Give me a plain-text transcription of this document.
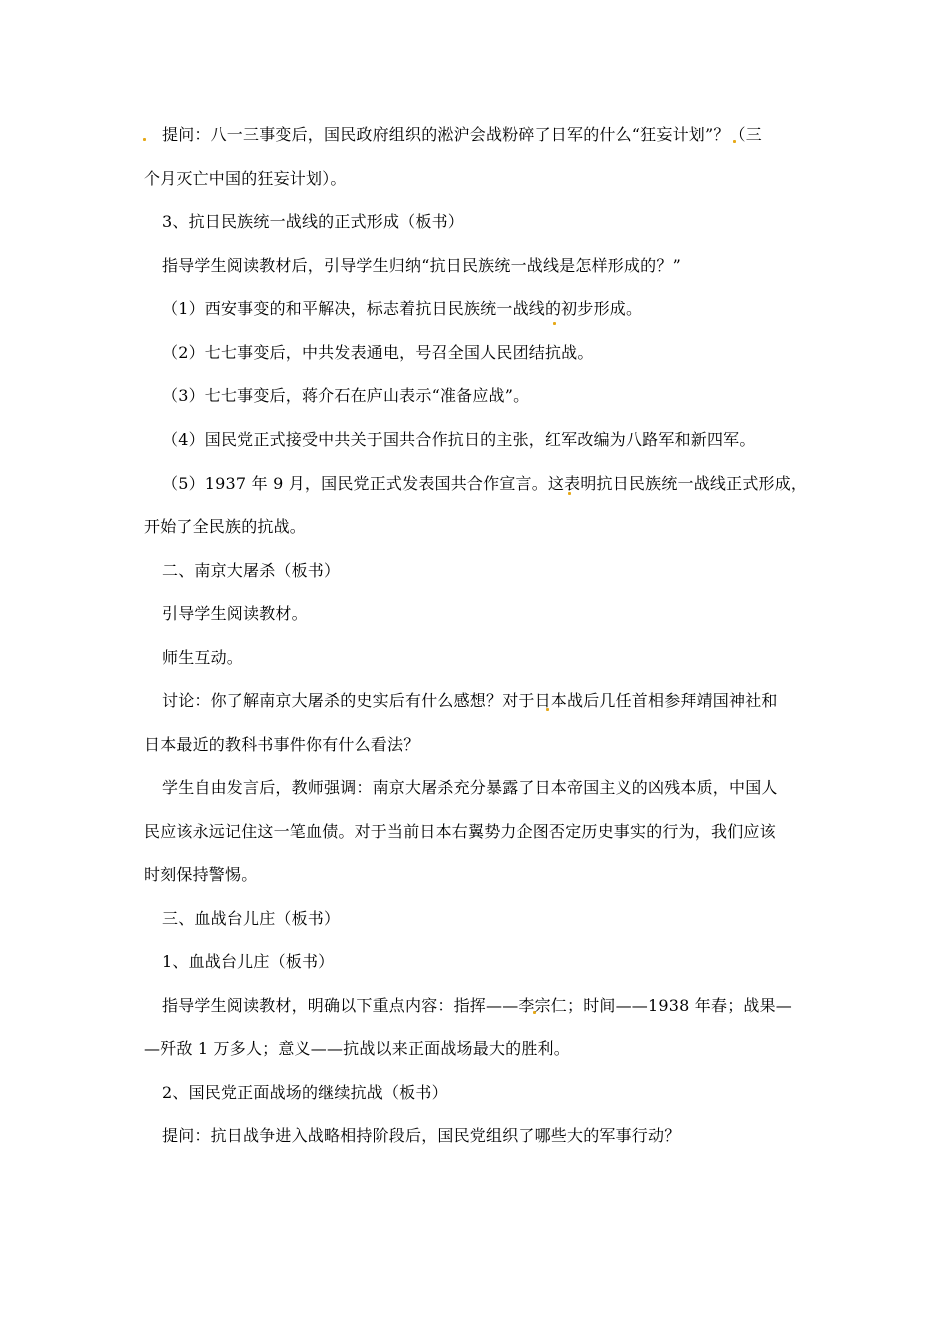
提问：八一三事变后，国民政府组织的淞沪会战粉碎了日军的什么“狂妄计划”？（三
个月灭亡中国的狂妄计划）。
3、抗日民族统一战线的正式形成（板书）
指导学生阅读教材后，引导学生归纳“抗日民族统一战线是怎样形成的？”
（1）西安事变的和平解决，标志着抗日民族统一战线的初步形成。
（2）七七事变后，中共发表通电，号召全国人民团结抗战。
（3）七七事变后，蒋介石在庐山表示“准备应战”。
（4）国民党正式接受中共关于国共合作抗日的主张，红军改编为八路军和新四军。
（5）1937 年 9 月，国民党正式发表国共合作宣言。这表明抗日民族统一战线正式形成，
开始了全民族的抗战。
二、南京大屠杀（板书）
引导学生阅读教材。
师生互动。
讨论：你了解南京大屠杀的史实后有什么感想？对于日本战后几任首相参拜靖国神社和
日本最近的教科书事件你有什么看法？
学生自由发言后，教师强调：南京大屠杀充分暴露了日本帝国主义的凶残本质，中国人
民应该永远记住这一笔血债。对于当前日本右翼势力企图否定历史事实的行为，我们应该
时刻保持警惕。
三、血战台儿庄（板书）
1、血战台儿庄（板书）
指导学生阅读教材，明确以下重点内容：指挥——李宗仁；时间——1938 年春；战果—
—歼敌 1 万多人；意义——抗战以来正面战场最大的胜利。
2、国民党正面战场的继续抗战（板书）
提问：抗日战争进入战略相持阶段后，国民党组织了哪些大的军事行动？
